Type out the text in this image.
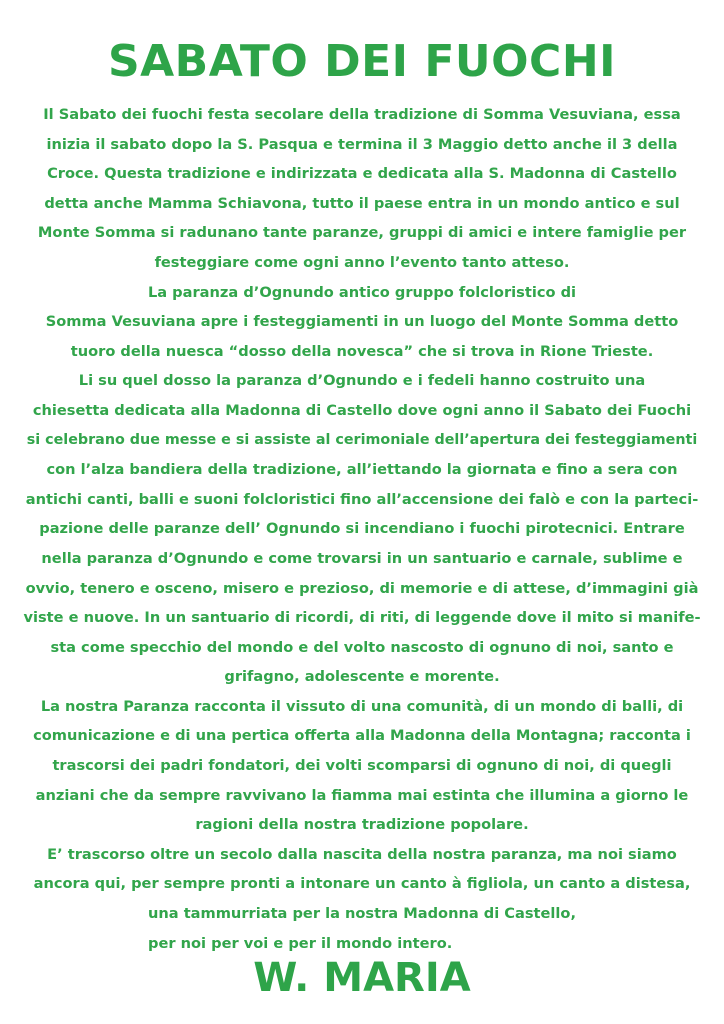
SABATO DEI FUOCHI
Il Sabato dei fuochi festa secolare della tradizione di Somma Vesuviana, essa
inizia il sabato dopo la S. Pasqua e termina il 3 Maggio detto anche il 3 della
Croce. Questa tradizione e indirizzata e dedicata alla S. Madonna di Castello
detta anche Mamma Schiavona, tutto il paese entra in un mondo antico e sul
Monte Somma si radunano tante paranze, gruppi di amici e intere famiglie per
festeggiare come ogni anno l’evento tanto atteso.
La paranza d’Ognundo antico gruppo folcloristico di
Somma Vesuviana apre i festeggiamenti in un luogo del Monte Somma detto
tuoro della nuesca “dosso della novesca” che si trova in Rione Trieste.
Li su quel dosso la paranza d’Ognundo e i fedeli hanno costruito una
chiesetta dedicata alla Madonna di Castello dove ogni anno il Sabato dei Fuochi
si celebrano due messe e si assiste al cerimoniale dell’apertura dei festeggiamenti
con l’alza bandiera della tradizione, all’iettando la giornata e fino a sera con
antichi canti, balli e suoni folcloristici fino all’accensione dei falò e con la parteci-
pazione delle paranze dell’ Ognundo si incendiano i fuochi pirotecnici. Entrare
nella paranza d’Ognundo e come trovarsi in un santuario e carnale, sublime e
ovvio, tenero e osceno, misero e prezioso, di memorie e di attese, d’immagini già
viste e nuove. In un santuario di ricordi, di riti, di leggende dove il mito si manife-
sta come specchio del mondo e del volto nascosto di ognuno di noi, santo e
grifagno, adolescente e morente.
La nostra Paranza racconta il vissuto di una comunità, di un mondo di balli, di
comunicazione e di una pertica offerta alla Madonna della Montagna; racconta i
trascorsi dei padri fondatori, dei volti scomparsi di ognuno di noi, di quegli
anziani che da sempre ravvivano la fiamma mai estinta che illumina a giorno le
ragioni della nostra tradizione popolare.
E’ trascorso oltre un secolo dalla nascita della nostra paranza, ma noi siamo
ancora qui, per sempre pronti a intonare un canto à figliola, un canto a distesa,
una tammurriata per la nostra Madonna di Castello,
per noi per voi e per il mondo intero.
W. MARIA
